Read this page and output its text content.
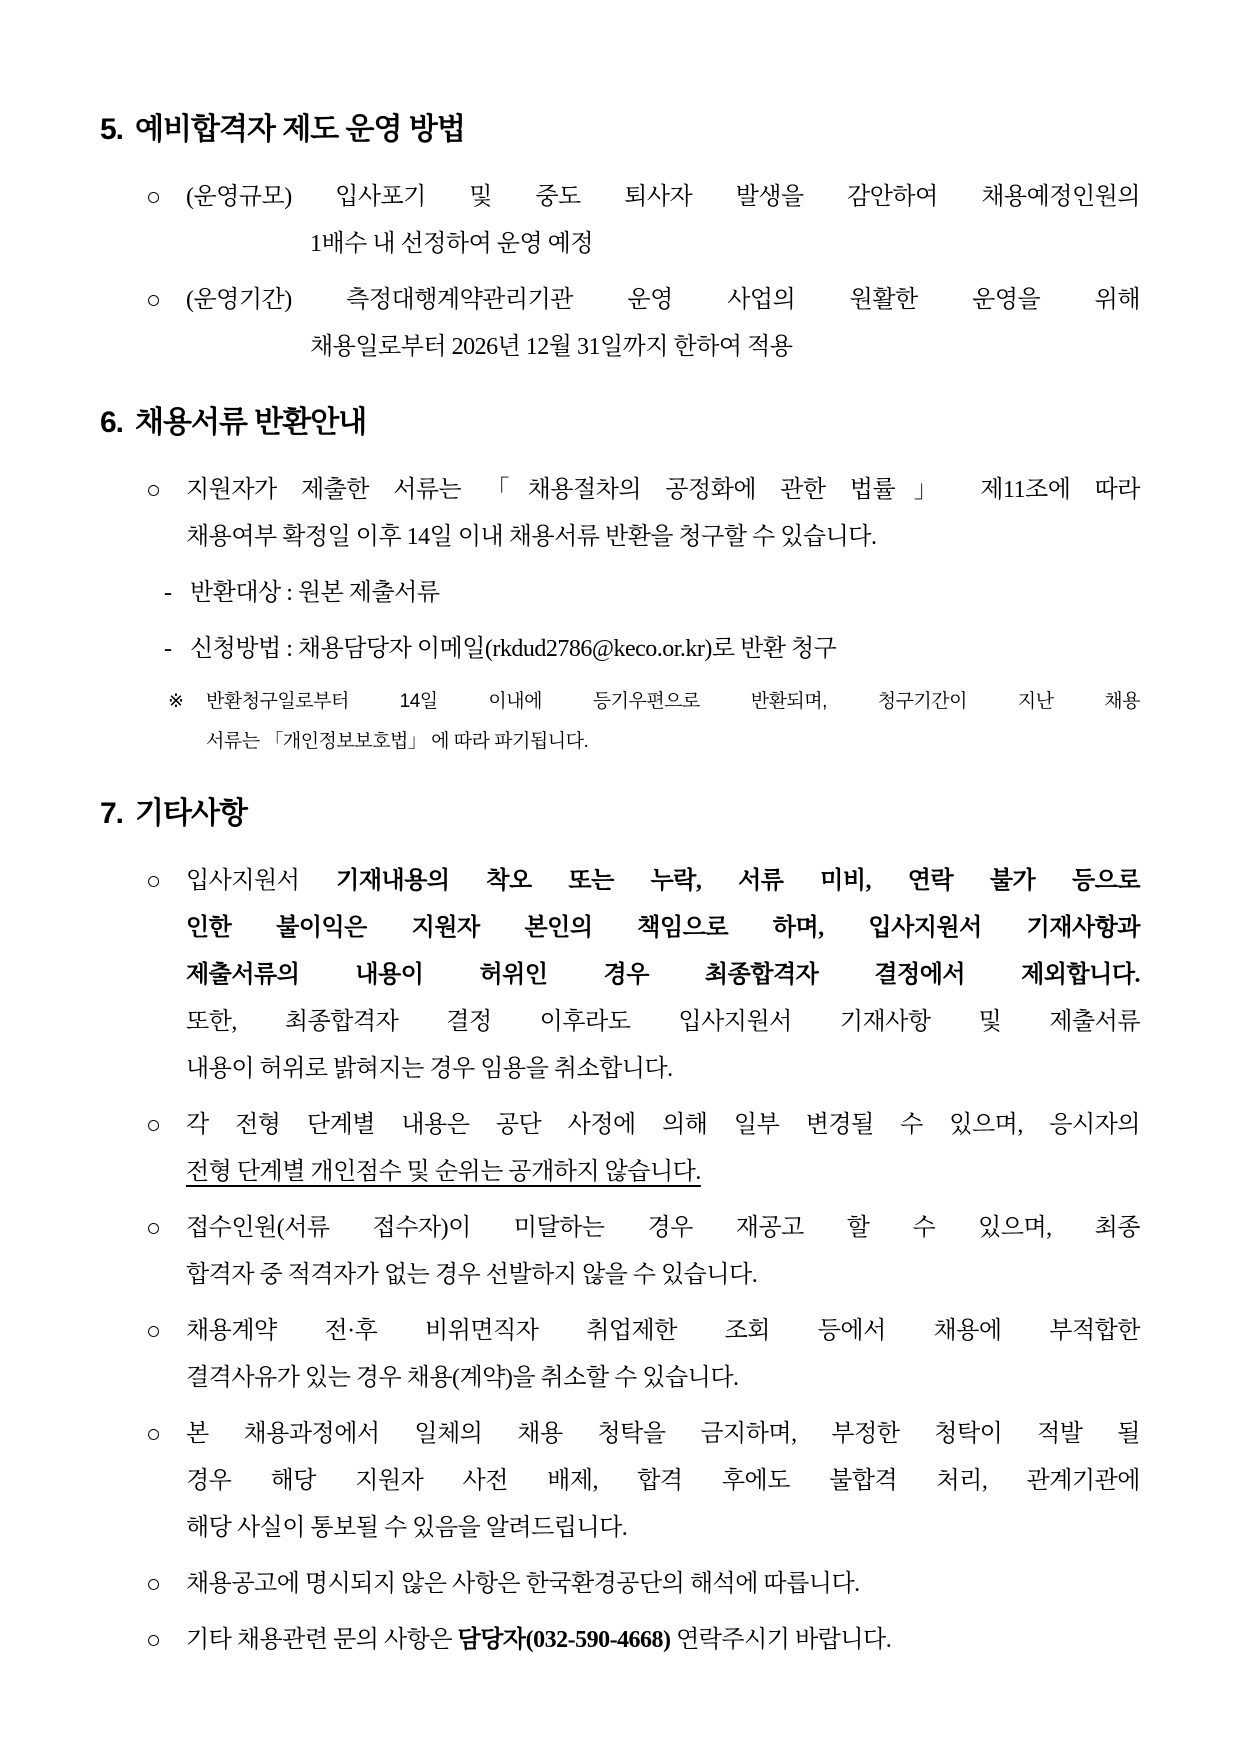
5. 예비합격자 제도 운영 방법
○ (운영규모) 입사포기 및 중도 퇴사자 발생을 감안하여 채용예정인원의
1배수 내 선정하여 운영 예정
○ (운영기간) 측정대행계약관리기관 운영 사업의 원활한 운영을 위해
채용일로부터 2026년 12월 31일까지 한하여 적용
6. 채용서류 반환안내
○ 지원자가 제출한 서류는 「채용절차의 공정화에 관한 법률」 제11조에 따라
채용여부 확정일 이후 14일 이내 채용서류 반환을 청구할 수 있습니다.
- 반환대상 : 원본 제출서류
- 신청방법 : 채용담당자 이메일(rkdud2786@keco.or.kr)로 반환 청구
※ 반환청구일로부터 14일 이내에 등기우편으로 반환되며, 청구기간이 지난 채용
서류는 「개인정보보호법」 에 따라 파기됩니다.
7. 기타사항
○ 입사지원서 기재내용의 착오 또는 누락, 서류 미비, 연락 불가 등으로
인한 불이익은 지원자 본인의 책임으로 하며, 입사지원서 기재사항과
제출서류의 내용이 허위인 경우 최종합격자 결정에서 제외합니다.
또한, 최종합격자 결정 이후라도 입사지원서 기재사항 및 제출서류
내용이 허위로 밝혀지는 경우 임용을 취소합니다.
○ 각 전형 단계별 내용은 공단 사정에 의해 일부 변경될 수 있으며, 응시자의
전형 단계별 개인점수 및 순위는 공개하지 않습니다.
○ 접수인원(서류 접수자)이 미달하는 경우 재공고 할 수 있으며, 최종
합격자 중 적격자가 없는 경우 선발하지 않을 수 있습니다.
○ 채용계약 전·후 비위면직자 취업제한 조회 등에서 채용에 부적합한
결격사유가 있는 경우 채용(계약)을 취소할 수 있습니다.
○ 본 채용과정에서 일체의 채용 청탁을 금지하며, 부정한 청탁이 적발 될
경우 해당 지원자 사전 배제, 합격 후에도 불합격 처리, 관계기관에
해당 사실이 통보될 수 있음을 알려드립니다.
○ 채용공고에 명시되지 않은 사항은 한국환경공단의 해석에 따릅니다.
○ 기타 채용관련 문의 사항은 담당자(032-590-4668) 연락주시기 바랍니다.
